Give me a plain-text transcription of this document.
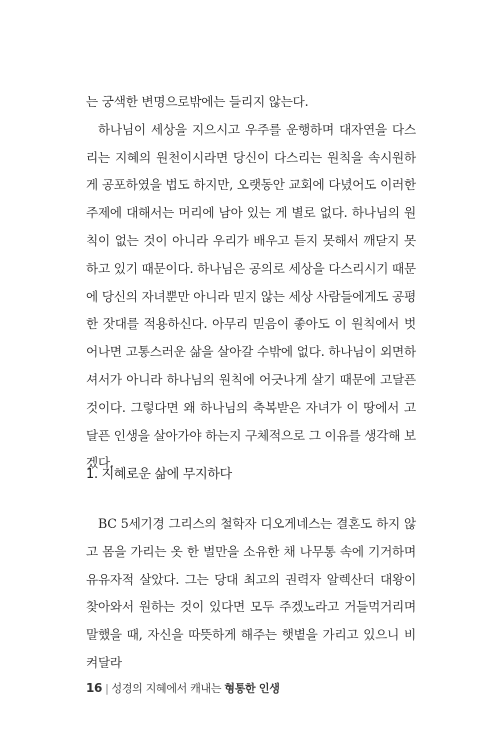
는 궁색한 변명으로밖에는 들리지 않는다.

하나님이 세상을 지으시고 우주를 운행하며 대자연을 다스리는 지혜의 원천이시라면 당신이 다스리는 원칙을 속시원하게 공포하였을 법도 하지만, 오랫동안 교회에 다녔어도 이러한 주제에 대해서는 머리에 남아 있는 게 별로 없다. 하나님의 원칙이 없는 것이 아니라 우리가 배우고 듣지 못해서 깨닫지 못하고 있기 때문이다. 하나님은 공의로 세상을 다스리시기 때문에 당신의 자녀뿐만 아니라 믿지 않는 세상 사람들에게도 공평한 잣대를 적용하신다. 아무리 믿음이 좋아도 이 원칙에서 벗어나면 고통스러운 삶을 살아갈 수밖에 없다. 하나님이 외면하셔서가 아니라 하나님의 원칙에 어긋나게 살기 때문에 고달픈 것이다. 그렇다면 왜 하나님의 축복받은 자녀가 이 땅에서 고달픈 인생을 살아가야 하는지 구체적으로 그 이유를 생각해 보겠다.

1. 지혜로운 삶에 무지하다

BC 5세기경 그리스의 철학자 디오게네스는 결혼도 하지 않고 몸을 가리는 옷 한 벌만을 소유한 채 나무통 속에 기거하며 유유자적 살았다. 그는 당대 최고의 권력자 알렉산더 대왕이 찾아와서 원하는 것이 있다면 모두 주겠노라고 거들먹거리며 말했을 때, 자신을 따뜻하게 해주는 햇볕을 가리고 있으니 비켜달라

16 | 성경의 지혜에서 캐내는 형통한 인생
